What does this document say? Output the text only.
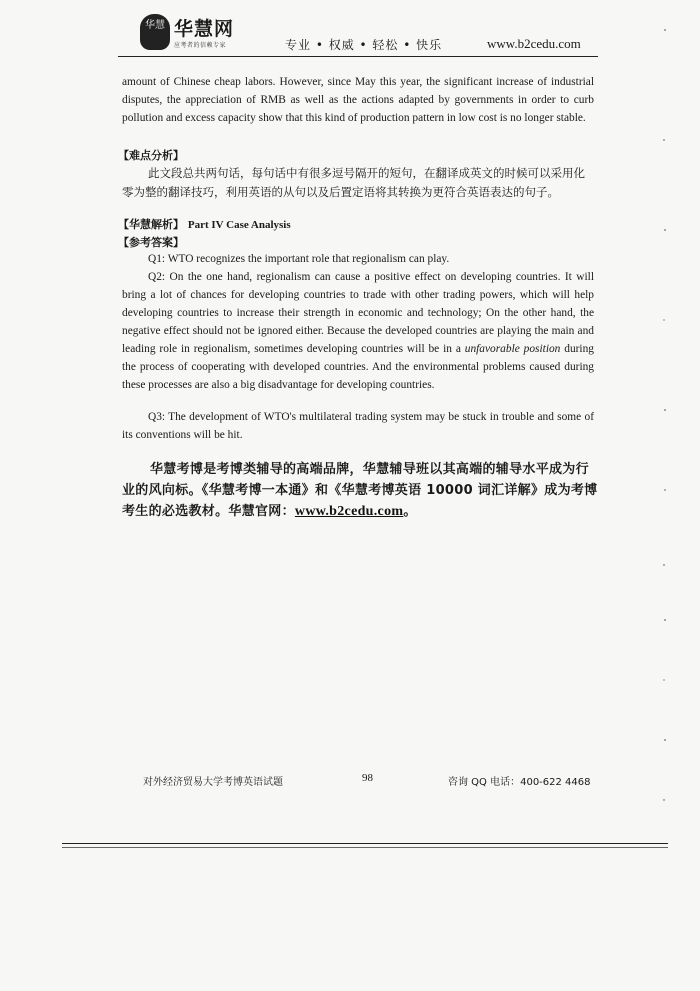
华慧 华慧网
应考者的信赖专家	专业 • 权威 • 轻松 • 快乐	www.b2cedu.com
amount of Chinese cheap labors. However, since May this year, the significant increase of industrial disputes, the appreciation of RMB as well as the actions adapted by governments in order to curb pollution and excess capacity show that this kind of production pattern in low cost is no longer stable.
【难点分析】
此文段总共两句话，每句话中有很多逗号隔开的短句，在翻译成英文的时候可以采用化零为整的翻译技巧，利用英语的从句以及后置定语将其转换为更符合英语表达的句子。
【华慧解析】 Part IV Case Analysis
【参考答案】
Q1: WTO recognizes the important role that regionalism can play.
Q2: On the one hand, regionalism can cause a positive effect on developing countries. It will bring a lot of chances for developing countries to trade with other trading powers, which will help developing countries to increase their strength in economic and technology; On the other hand, the negative effect should not be ignored either. Because the developed countries are playing the main and leading role in regionalism, sometimes developing countries will be in a unfavorable position during the process of cooperating with developed countries. And the environmental problems caused during these processes are also a big disadvantage for developing countries.
Q3: The development of WTO's multilateral trading system may be stuck in trouble and some of its conventions will be hit.
华慧考博是考博类辅导的高端品牌，华慧辅导班以其高端的辅导水平成为行业的风向标。《华慧考博一本通》和《华慧考博英语 10000 词汇详解》成为考博考生的必选教材。华慧官网：www.b2cedu.com。
对外经济贸易大学考博英语试题	98	咨询 QQ 电话：400-622 4468
